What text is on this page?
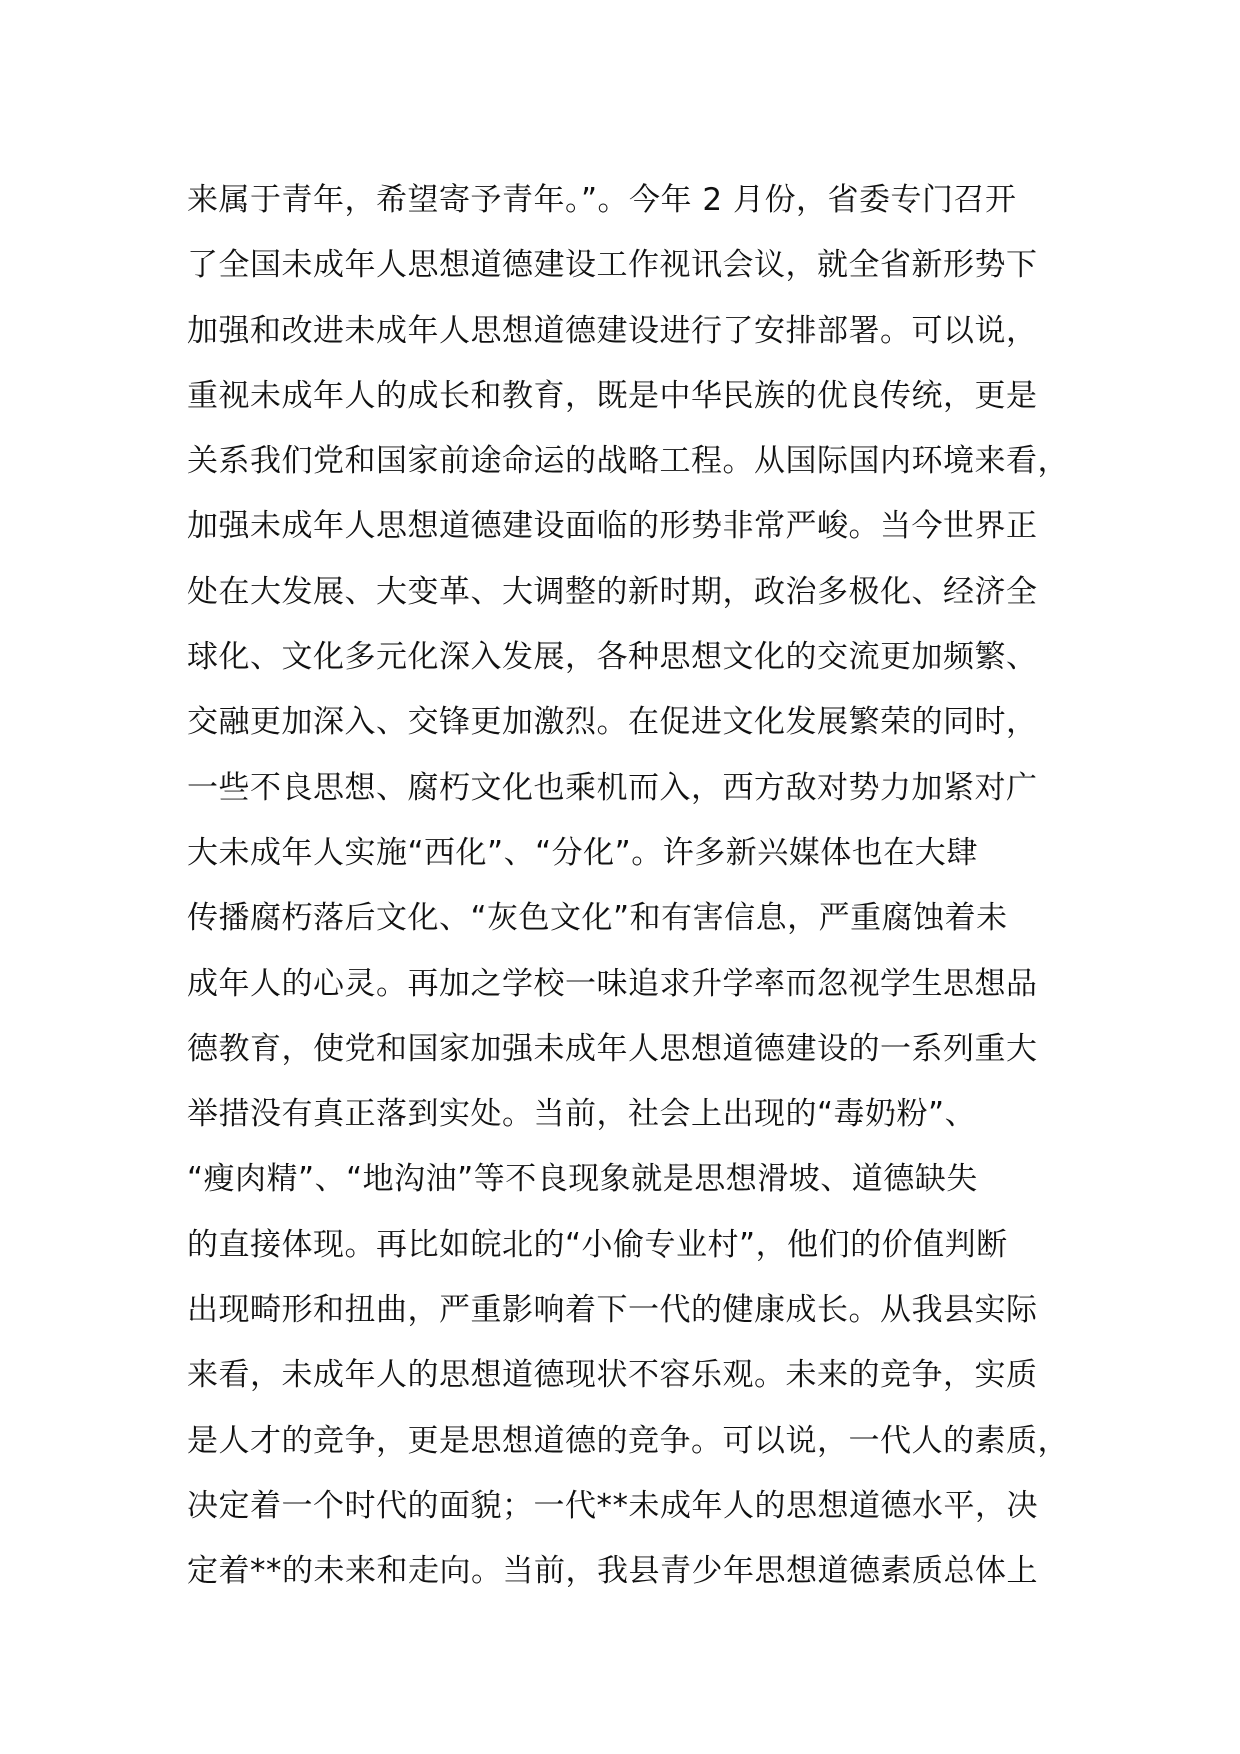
来属于青年，希望寄予青年。”。今年 2 月份，省委专门召开
了全国未成年人思想道德建设工作视讯会议，就全省新形势下
加强和改进未成年人思想道德建设进行了安排部署。可以说，
重视未成年人的成长和教育，既是中华民族的优良传统，更是
关系我们党和国家前途命运的战略工程。从国际国内环境来看，
加强未成年人思想道德建设面临的形势非常严峻。当今世界正
处在大发展、大变革、大调整的新时期，政治多极化、经济全
球化、文化多元化深入发展，各种思想文化的交流更加频繁、
交融更加深入、交锋更加激烈。在促进文化发展繁荣的同时，
一些不良思想、腐朽文化也乘机而入，西方敌对势力加紧对广
大未成年人实施“西化”、“分化”。许多新兴媒体也在大肆
传播腐朽落后文化、“灰色文化”和有害信息，严重腐蚀着未
成年人的心灵。再加之学校一味追求升学率而忽视学生思想品
德教育，使党和国家加强未成年人思想道德建设的一系列重大
举措没有真正落到实处。当前，社会上出现的“毒奶粉”、
“瘦肉精”、“地沟油”等不良现象就是思想滑坡、道德缺失
的直接体现。再比如皖北的“小偷专业村”，他们的价值判断
出现畸形和扭曲，严重影响着下一代的健康成长。从我县实际
来看，未成年人的思想道德现状不容乐观。未来的竞争，实质
是人才的竞争，更是思想道德的竞争。可以说，一代人的素质，
决定着一个时代的面貌；一代**未成年人的思想道德水平，决
定着**的未来和走向。当前，我县青少年思想道德素质总体上
